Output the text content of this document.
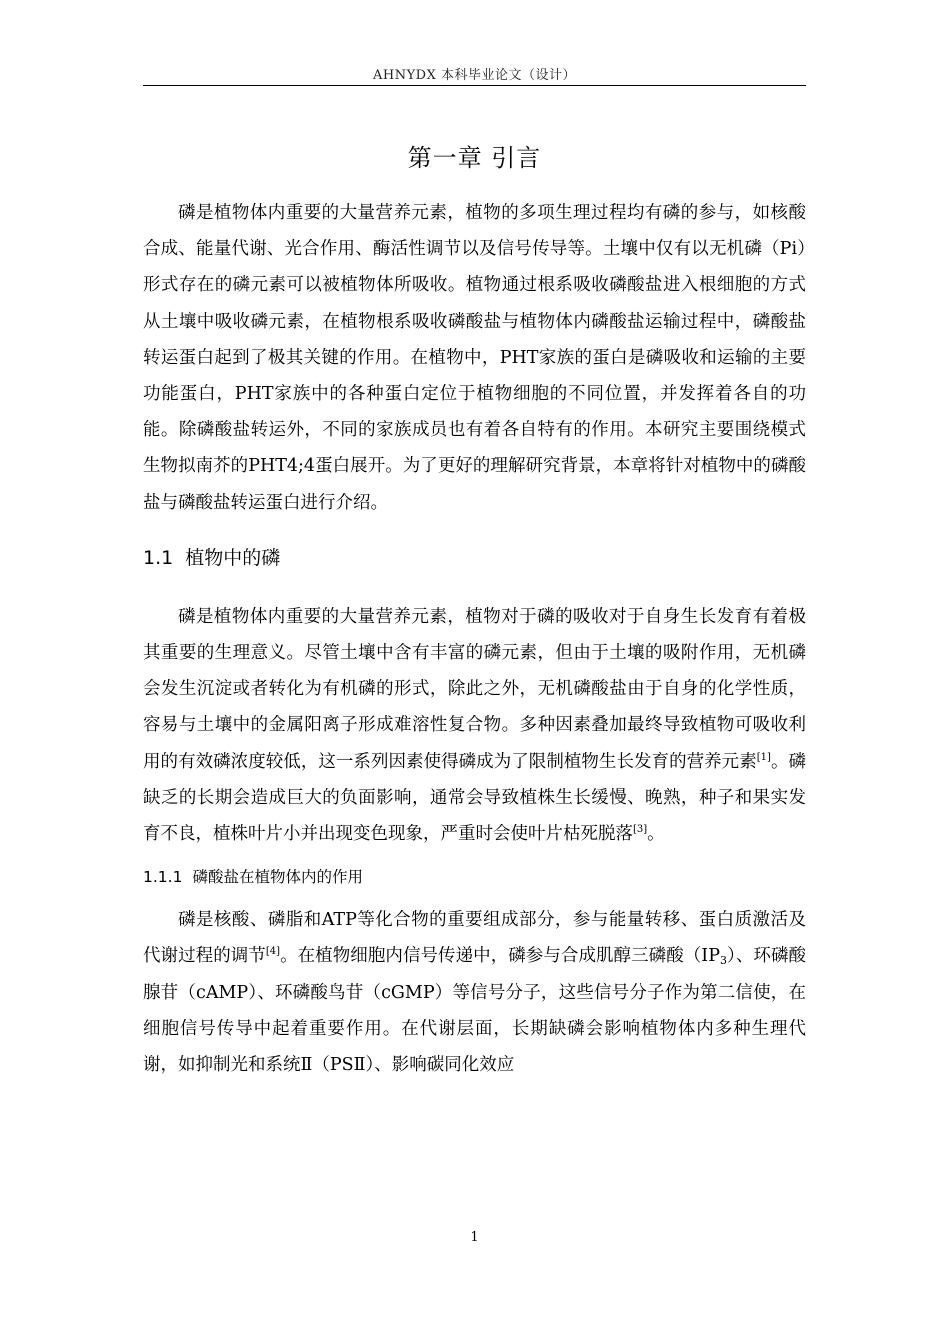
AHNYDX 本科毕业论文（设计）
第一章 引言

磷是植物体内重要的大量营养元素，植物的多项生理过程均有磷的参与，如核酸合成、能量代谢、光合作用、酶活性调节以及信号传导等。土壤中仅有以无机磷（Pi）形式存在的磷元素可以被植物体所吸收。植物通过根系吸收磷酸盐进入根细胞的方式从土壤中吸收磷元素，在植物根系吸收磷酸盐与植物体内磷酸盐运输过程中，磷酸盐转运蛋白起到了极其关键的作用。在植物中，PHT家族的蛋白是磷吸收和运输的主要功能蛋白，PHT家族中的各种蛋白定位于植物细胞的不同位置，并发挥着各自的功能。除磷酸盐转运外，不同的家族成员也有着各自特有的作用。本研究主要围绕模式生物拟南芥的PHT4;4蛋白展开。为了更好的理解研究背景，本章将针对植物中的磷酸盐与磷酸盐转运蛋白进行介绍。

1.1 植物中的磷

磷是植物体内重要的大量营养元素，植物对于磷的吸收对于自身生长发育有着极其重要的生理意义。尽管土壤中含有丰富的磷元素，但由于土壤的吸附作用，无机磷会发生沉淀或者转化为有机磷的形式，除此之外，无机磷酸盐由于自身的化学性质，容易与土壤中的金属阳离子形成难溶性复合物。多种因素叠加最终导致植物可吸收利用的有效磷浓度较低，这一系列因素使得磷成为了限制植物生长发育的营养元素[1]。磷缺乏的长期会造成巨大的负面影响，通常会导致植株生长缓慢、晚熟，种子和果实发育不良，植株叶片小并出现变色现象，严重时会使叶片枯死脱落[3]。

1.1.1 磷酸盐在植物体内的作用

磷是核酸、磷脂和ATP等化合物的重要组成部分，参与能量转移、蛋白质激活及代谢过程的调节[4]。在植物细胞内信号传递中，磷参与合成肌醇三磷酸$(IP_3)$、环磷酸腺苷（cAMP）、环磷酸鸟苷（cGMP）等信号分子，这些信号分子作为第二信使，在细胞信号传导中起着重要作用。在代谢层面，长期缺磷会影响植物体内多种生理代谢，如抑制光和系统Ⅱ（PSⅡ）、影响碳同化效应

1
